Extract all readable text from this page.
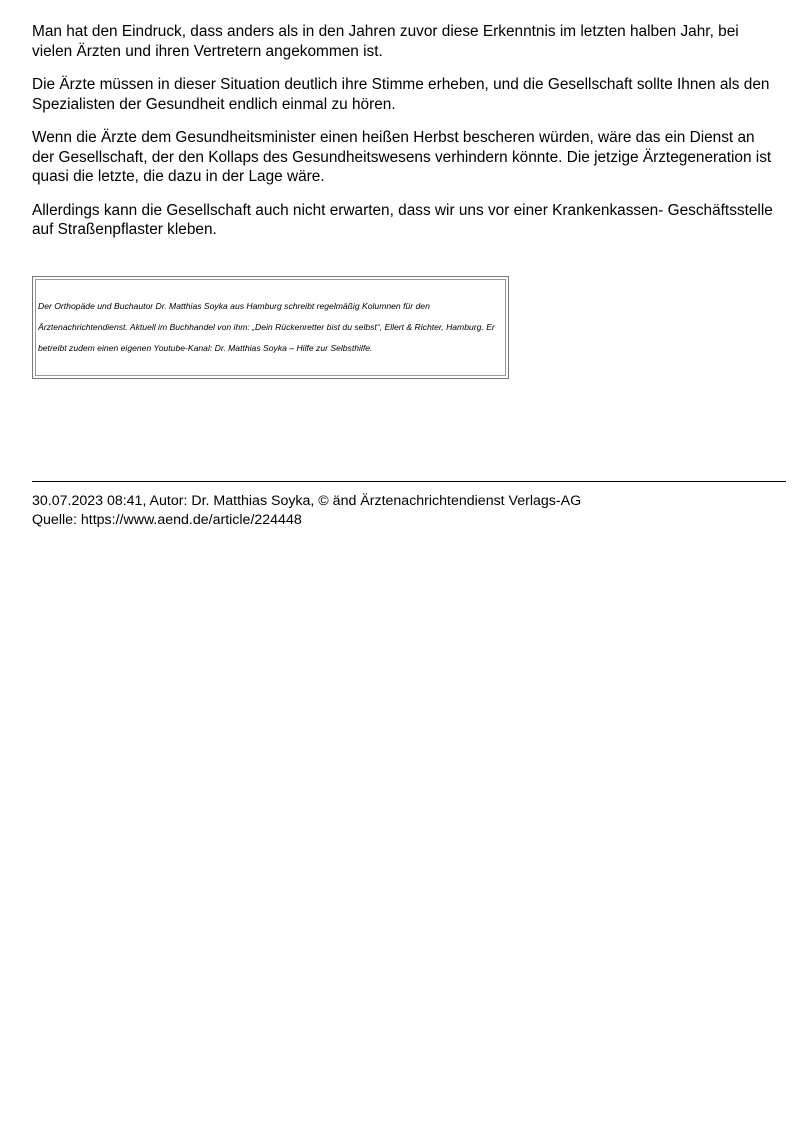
Man hat den Eindruck, dass anders als in den Jahren zuvor diese Erkenntnis im letzten halben Jahr, bei vielen Ärzten und ihren Vertretern angekommen ist.

Die Ärzte müssen in dieser Situation deutlich ihre Stimme erheben, und die Gesellschaft sollte Ihnen als den Spezialisten der Gesundheit endlich einmal zu hören.

Wenn die Ärzte dem Gesundheitsminister einen heißen Herbst bescheren würden, wäre das ein Dienst an der Gesellschaft, der den Kollaps des Gesundheitswesens verhindern könnte. Die jetzige Ärztegeneration ist quasi die letzte, die dazu in der Lage wäre.

Allerdings kann die Gesellschaft auch nicht erwarten, dass wir uns vor einer Krankenkassen- Geschäftsstelle auf Straßenpflaster kleben.

Der Orthopäde und Buchautor Dr. Matthias Soyka aus Hamburg schreibt regelmäßig Kolumnen für den Ärztenachrichtendienst. Aktuell im Buchhandel von ihm: „Dein Rückenretter bist du selbst“, Ellert & Richter, Hamburg. Er betreibt zudem einen eigenen Youtube-Kanal: Dr. Matthias Soyka – Hilfe zur Selbsthilfe.

30.07.2023 08:41, Autor: Dr. Matthias Soyka, © änd Ärztenachrichtendienst Verlags-AG
Quelle: https://www.aend.de/article/224448
